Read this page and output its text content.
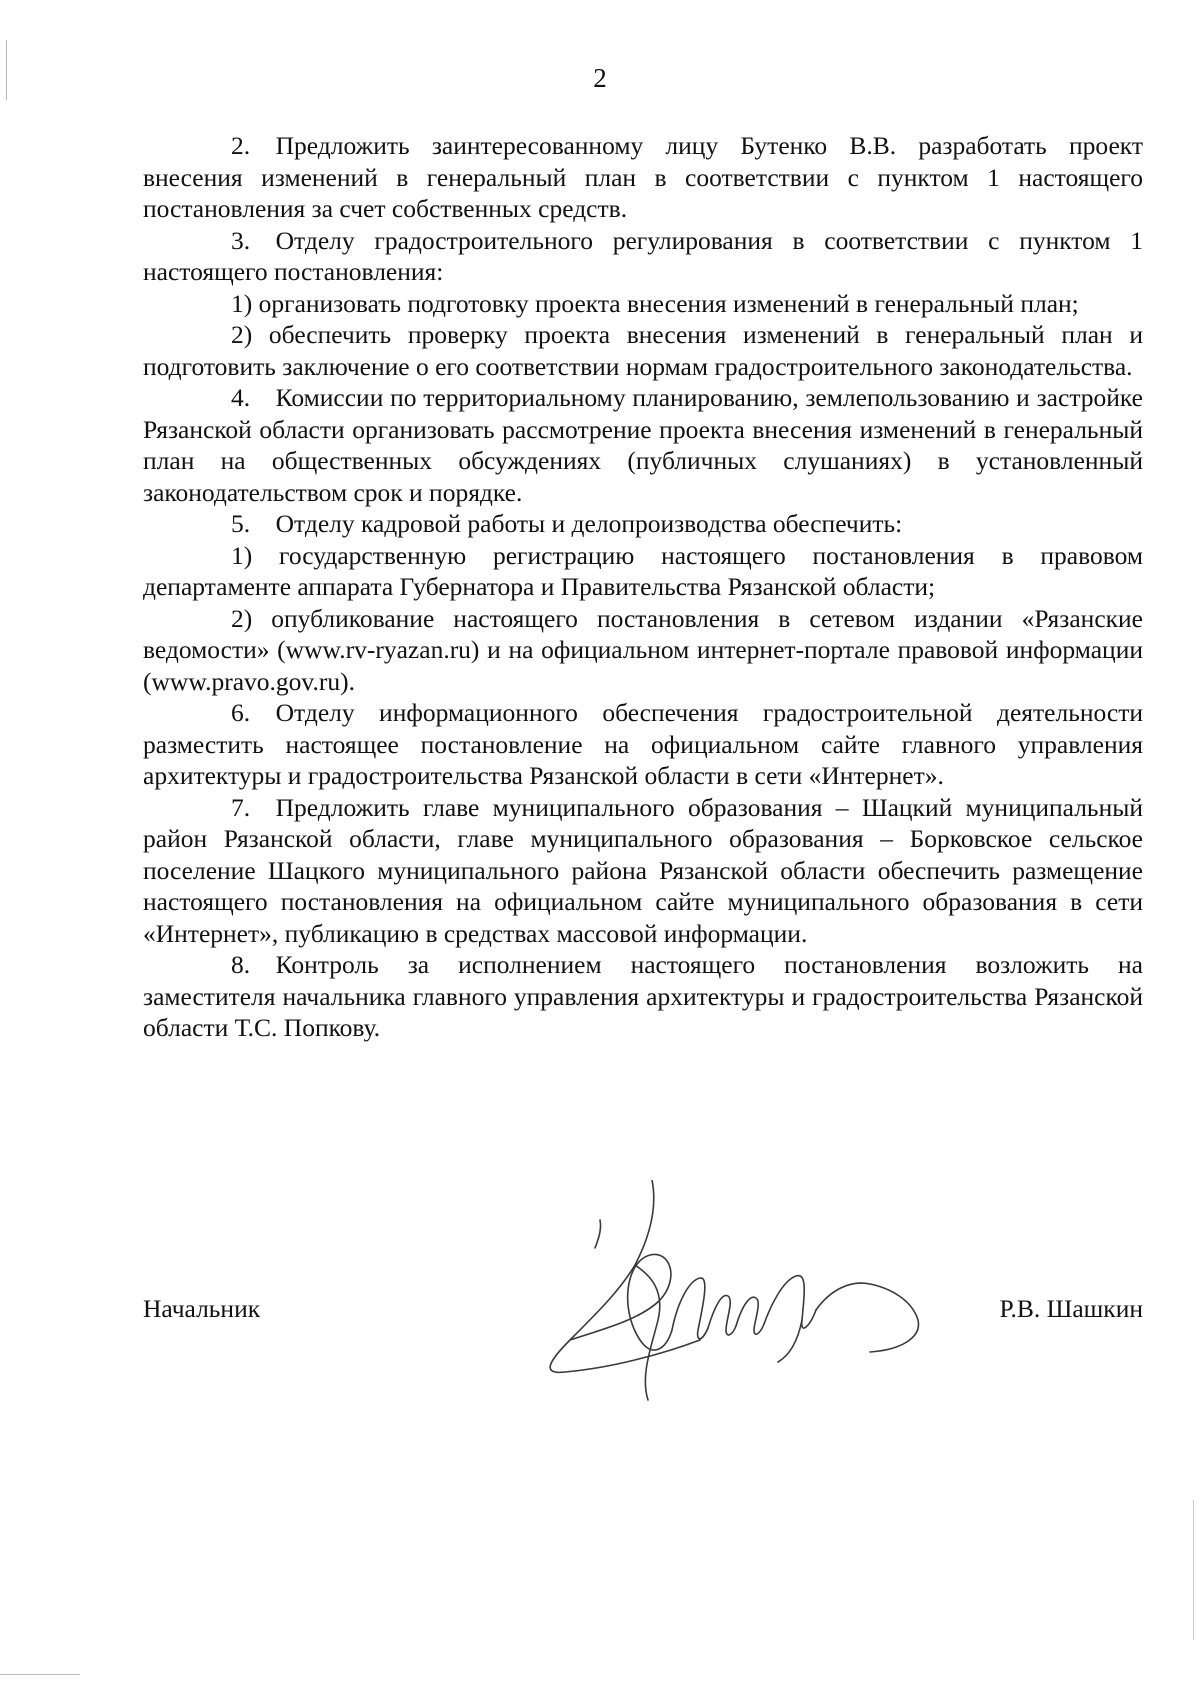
2

2. Предложить заинтересованному лицу Бутенко В.В. разработать проект внесения изменений в генеральный план в соответствии с пунктом 1 настоящего постановления за счет собственных средств.

3. Отделу градостроительного регулирования в соответствии с пунктом 1 настоящего постановления:

1) организовать подготовку проекта внесения изменений в генеральный план;

2) обеспечить проверку проекта внесения изменений в генеральный план и подготовить заключение о его соответствии нормам градостроительного законодательства.

4. Комиссии по территориальному планированию, землепользованию и застройке Рязанской области организовать рассмотрение проекта внесения изменений в генеральный план на общественных обсуждениях (публичных слушаниях) в установленный законодательством срок и порядке.

5. Отделу кадровой работы и делопроизводства обеспечить:

1) государственную регистрацию настоящего постановления в правовом департаменте аппарата Губернатора и Правительства Рязанской области;

2) опубликование настоящего постановления в сетевом издании «Рязанские ведомости» (www.rv-ryazan.ru) и на официальном интернет-портале правовой информации (www.pravo.gov.ru).

6. Отделу информационного обеспечения градостроительной деятельности разместить настоящее постановление на официальном сайте главного управления архитектуры и градостроительства Рязанской области в сети «Интернет».

7. Предложить главе муниципального образования – Шацкий муниципальный район Рязанской области, главе муниципального образования – Борковское сельское поселение Шацкого муниципального района Рязанской области обеспечить размещение настоящего постановления на официальном сайте муниципального образования в сети «Интернет», публикацию в средствах массовой информации.

8. Контроль за исполнением настоящего постановления возложить на заместителя начальника главного управления архитектуры и градостроительства Рязанской области Т.С. Попкову.

Начальник	Р.В. Шашкин
